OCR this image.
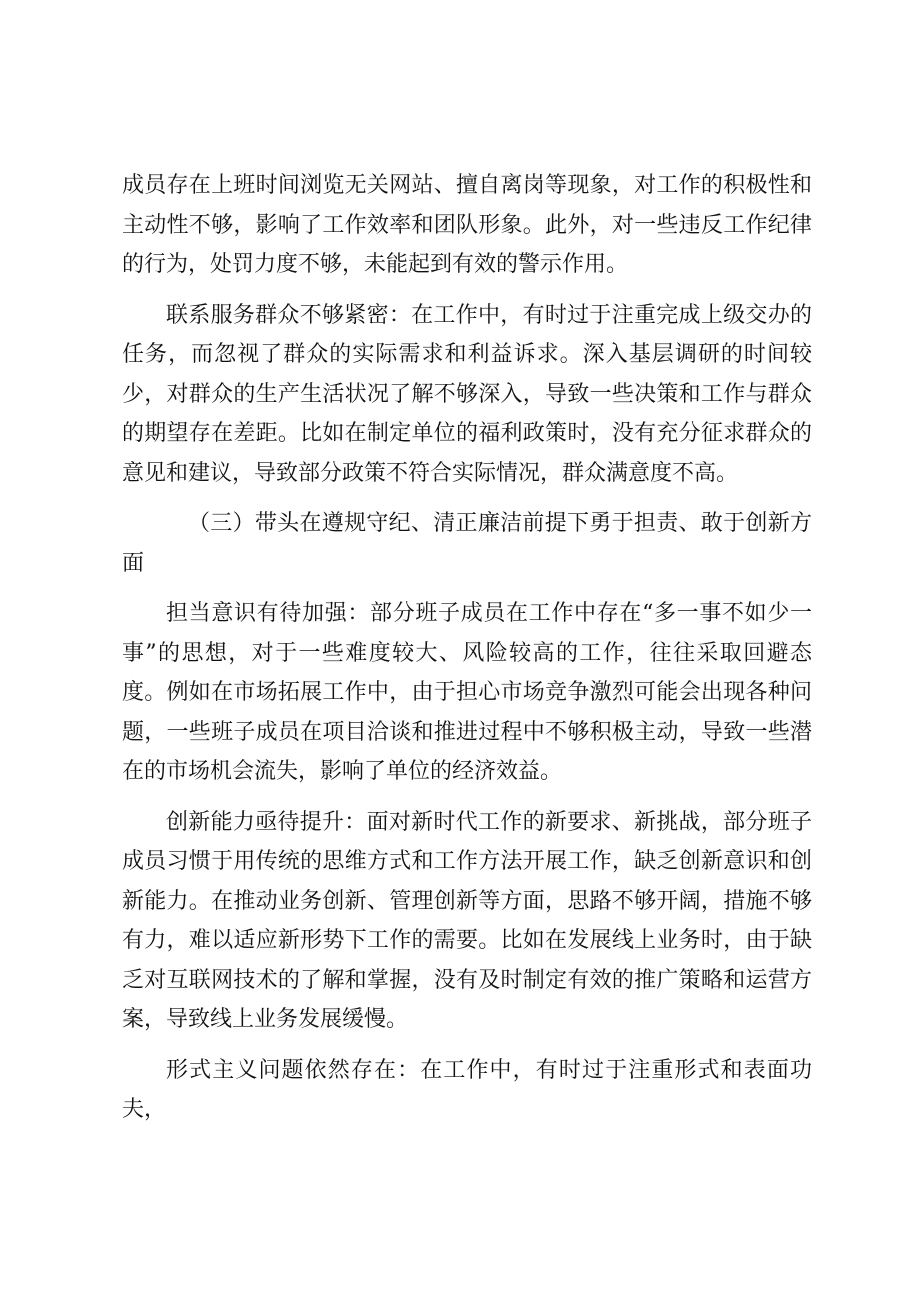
成员存在上班时间浏览无关网站、擅自离岗等现象，对工作的积极性和主动性不够，影响了工作效率和团队形象。此外，对一些违反工作纪律的行为，处罚力度不够，未能起到有效的警示作用。

联系服务群众不够紧密：在工作中，有时过于注重完成上级交办的任务，而忽视了群众的实际需求和利益诉求。深入基层调研的时间较少，对群众的生产生活状况了解不够深入，导致一些决策和工作与群众的期望存在差距。比如在制定单位的福利政策时，没有充分征求群众的意见和建议，导致部分政策不符合实际情况，群众满意度不高。

（三）带头在遵规守纪、清正廉洁前提下勇于担责、敢于创新方面

担当意识有待加强：部分班子成员在工作中存在“多一事不如少一事”的思想，对于一些难度较大、风险较高的工作，往往采取回避态度。例如在市场拓展工作中，由于担心市场竞争激烈可能会出现各种问题，一些班子成员在项目洽谈和推进过程中不够积极主动，导致一些潜在的市场机会流失，影响了单位的经济效益。

创新能力亟待提升：面对新时代工作的新要求、新挑战，部分班子成员习惯于用传统的思维方式和工作方法开展工作，缺乏创新意识和创新能力。在推动业务创新、管理创新等方面，思路不够开阔，措施不够有力，难以适应新形势下工作的需要。比如在发展线上业务时，由于缺乏对互联网技术的了解和掌握，没有及时制定有效的推广策略和运营方案，导致线上业务发展缓慢。

形式主义问题依然存在：在工作中，有时过于注重形式和表面功夫，
